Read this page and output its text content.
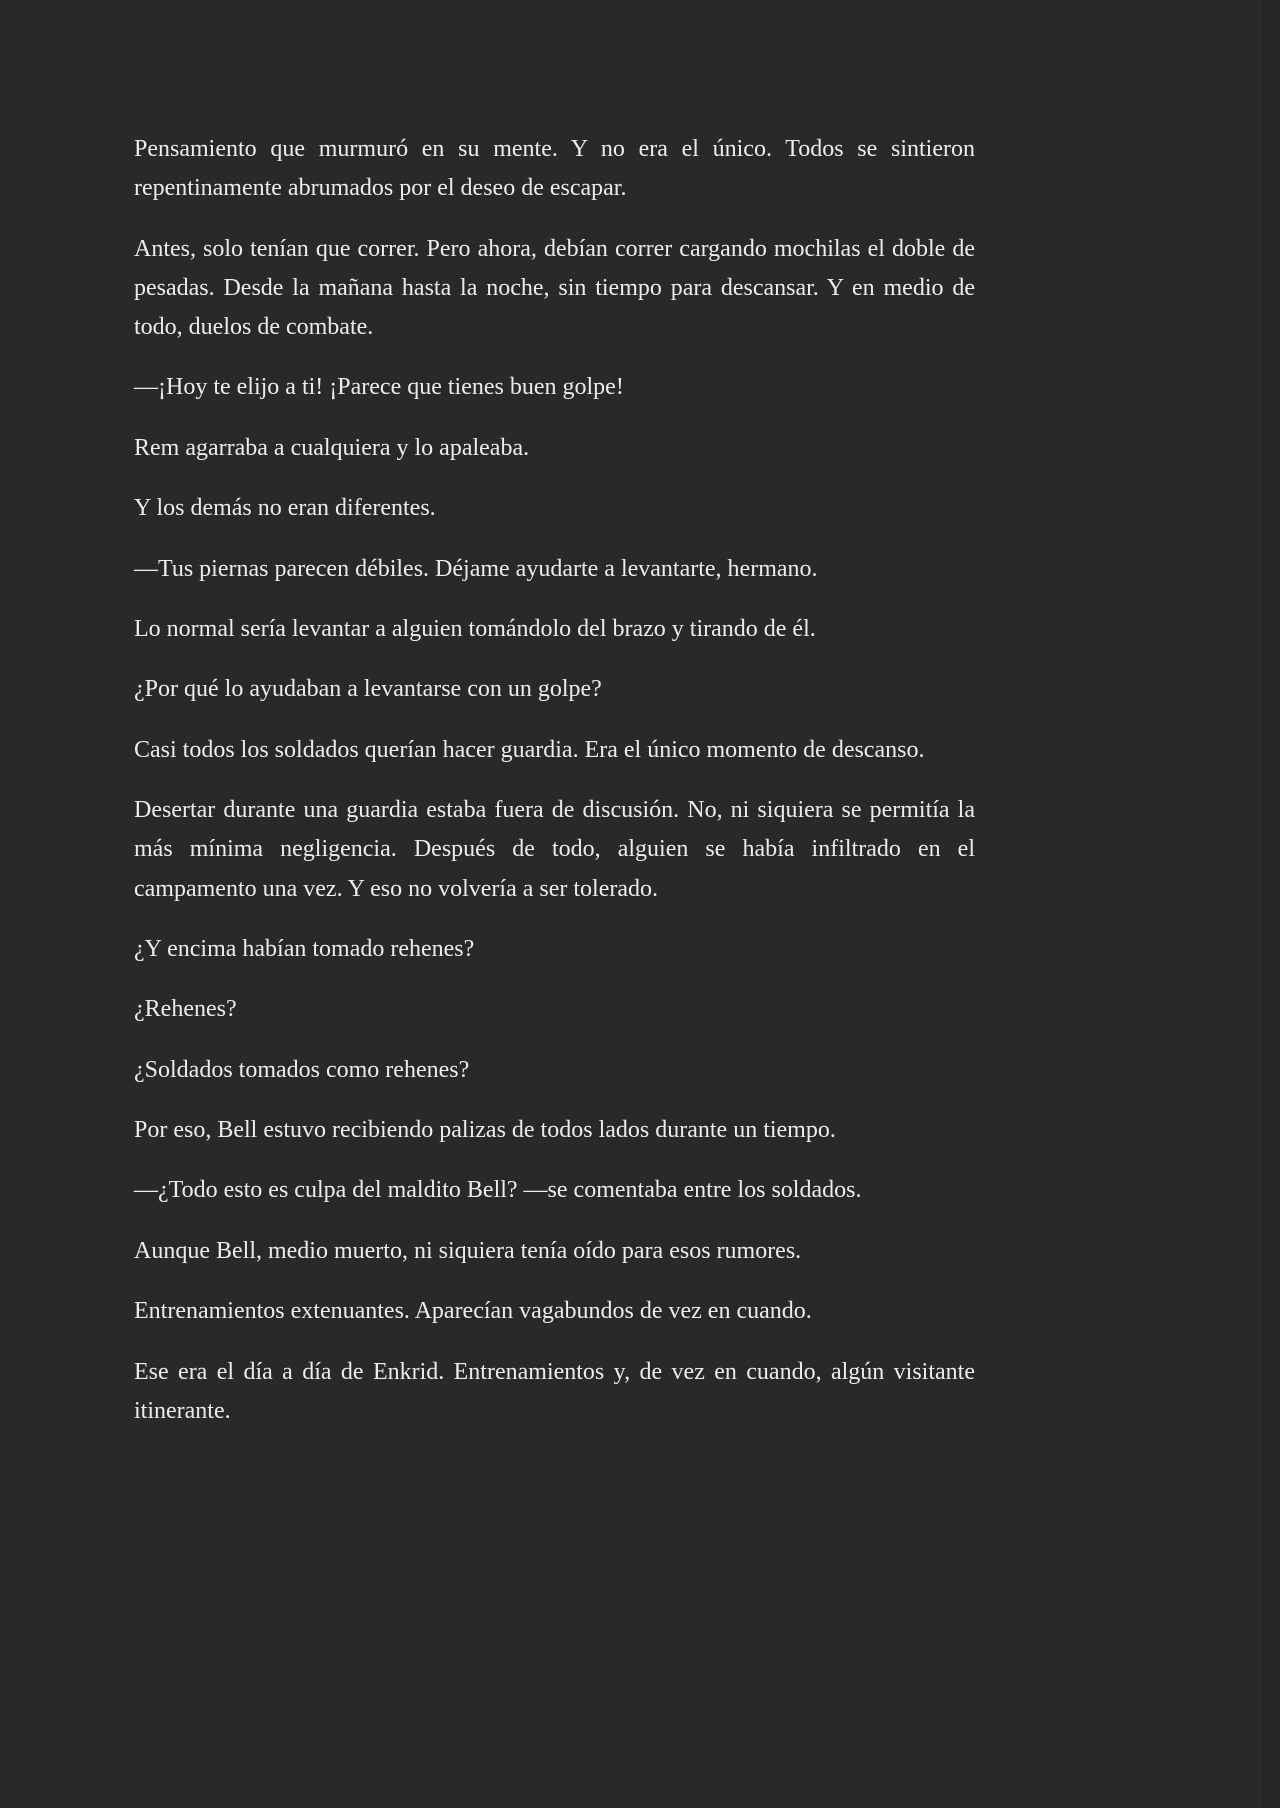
Pensamiento que murmuró en su mente. Y no era el único. Todos se sintieron repentinamente abrumados por el deseo de escapar.

Antes, solo tenían que correr. Pero ahora, debían correr cargando mochilas el doble de pesadas. Desde la mañana hasta la noche, sin tiempo para descansar. Y en medio de todo, duelos de combate.

—¡Hoy te elijo a ti! ¡Parece que tienes buen golpe!

Rem agarraba a cualquiera y lo apaleaba.

Y los demás no eran diferentes.

—Tus piernas parecen débiles. Déjame ayudarte a levantarte, hermano.

Lo normal sería levantar a alguien tomándolo del brazo y tirando de él.

¿Por qué lo ayudaban a levantarse con un golpe?

Casi todos los soldados querían hacer guardia. Era el único momento de descanso.

Desertar durante una guardia estaba fuera de discusión. No, ni siquiera se permitía la más mínima negligencia. Después de todo, alguien se había infiltrado en el campamento una vez. Y eso no volvería a ser tolerado.

¿Y encima habían tomado rehenes?

¿Rehenes?

¿Soldados tomados como rehenes?

Por eso, Bell estuvo recibiendo palizas de todos lados durante un tiempo.

—¿Todo esto es culpa del maldito Bell? —se comentaba entre los soldados.

Aunque Bell, medio muerto, ni siquiera tenía oído para esos rumores.

Entrenamientos extenuantes. Aparecían vagabundos de vez en cuando.

Ese era el día a día de Enkrid. Entrenamientos y, de vez en cuando, algún visitante itinerante.
